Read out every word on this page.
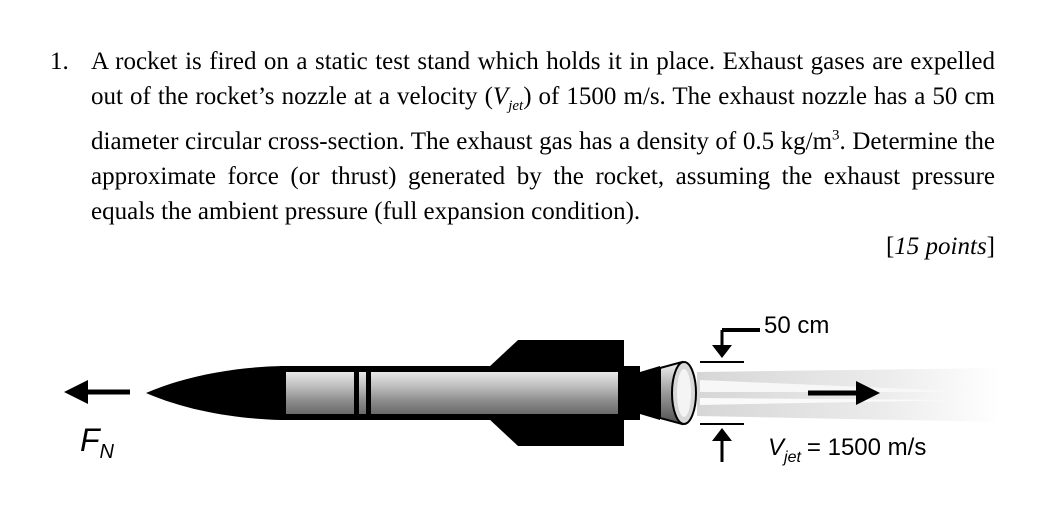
1. A rocket is fired on a static test stand which holds it in place. Exhaust gases are expelled out of the rocket’s nozzle at a velocity $(V_{jet})$ of 1500 m/s. The exhaust nozzle has a 50 cm diameter circular cross-section. The exhaust gas has a density of 0.5 $kg/m^3$. Determine the approximate force (or thrust) generated by the rocket, assuming the exhaust pressure equals the ambient pressure (full expansion condition).

[15 points]
50 cm
$F_N$	$V_{jet} = 1500$ m/s
